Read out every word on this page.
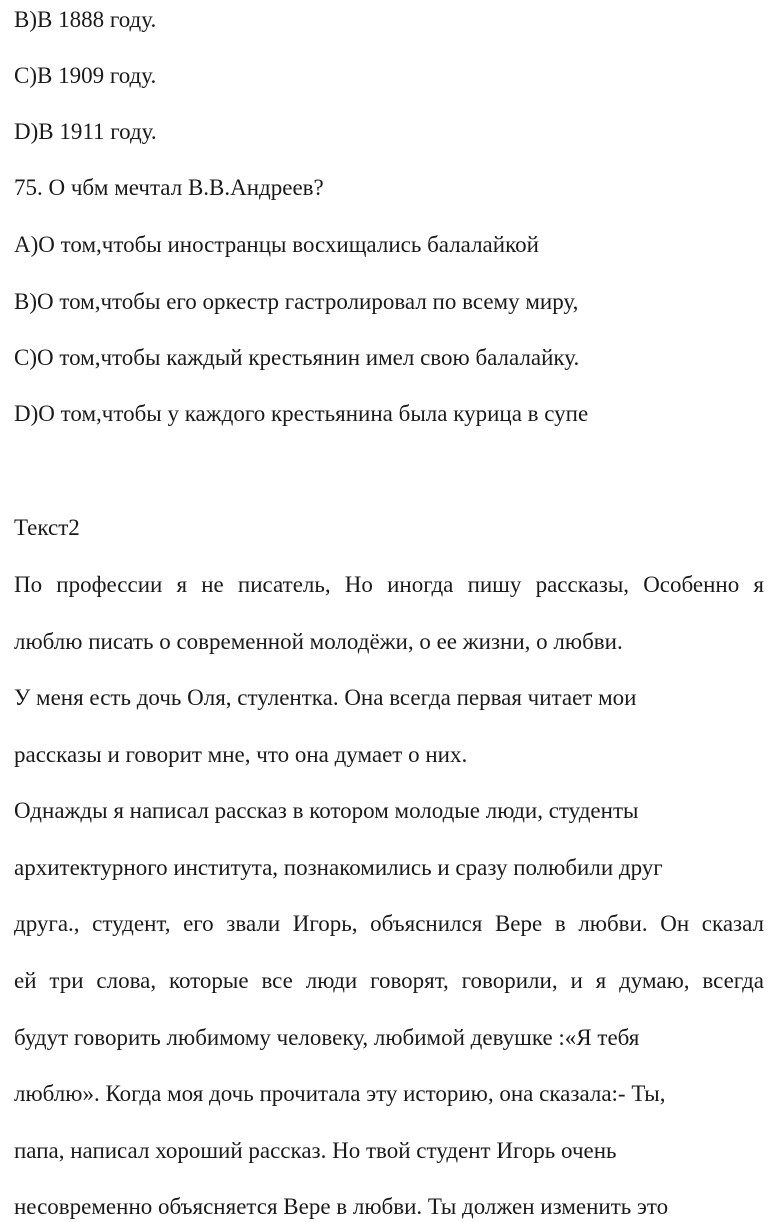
B)В 1888 году.
C)В 1909 году.
D)В 1911 году.
75. О чбм мечтал В.В.Андреев?
A)О том,чтобы иностранцы восхищались балалайкой
B)О том,чтобы его оркестр гастролировал по всему миру,
C)О том,чтобы каждый крестьянин имел свою балалайку.
D)О том,чтобы у каждого крестьянина была курица в супе
Текст2
По профессии я не писатель, Но иногда пишу рассказы, Особенно я
люблю писать о современной молодёжи, о ее жизни, о любви.
У меня есть дочь Оля, стулентка. Она всегда первая читает мои
рассказы и говорит мне, что она думает о них.
Однажды я написал рассказ в котором молодые люди, студенты
архитектурного института, познакомились и сразу полюбили друг
друга., студент, его звали Игорь, объяснился Вере в любви. Он сказал
ей три слова, которые все люди говорят, говорили, и я думаю, всегда
будут говорить любимому человеку, любимой девушке :«Я тебя
люблю». Когда моя дочь прочитала эту историю, она сказала:- Ты,
папа, написал хороший рассказ. Но твой студент Игорь очень
несовременно объясняется Вере в любви. Ты должен изменить это
